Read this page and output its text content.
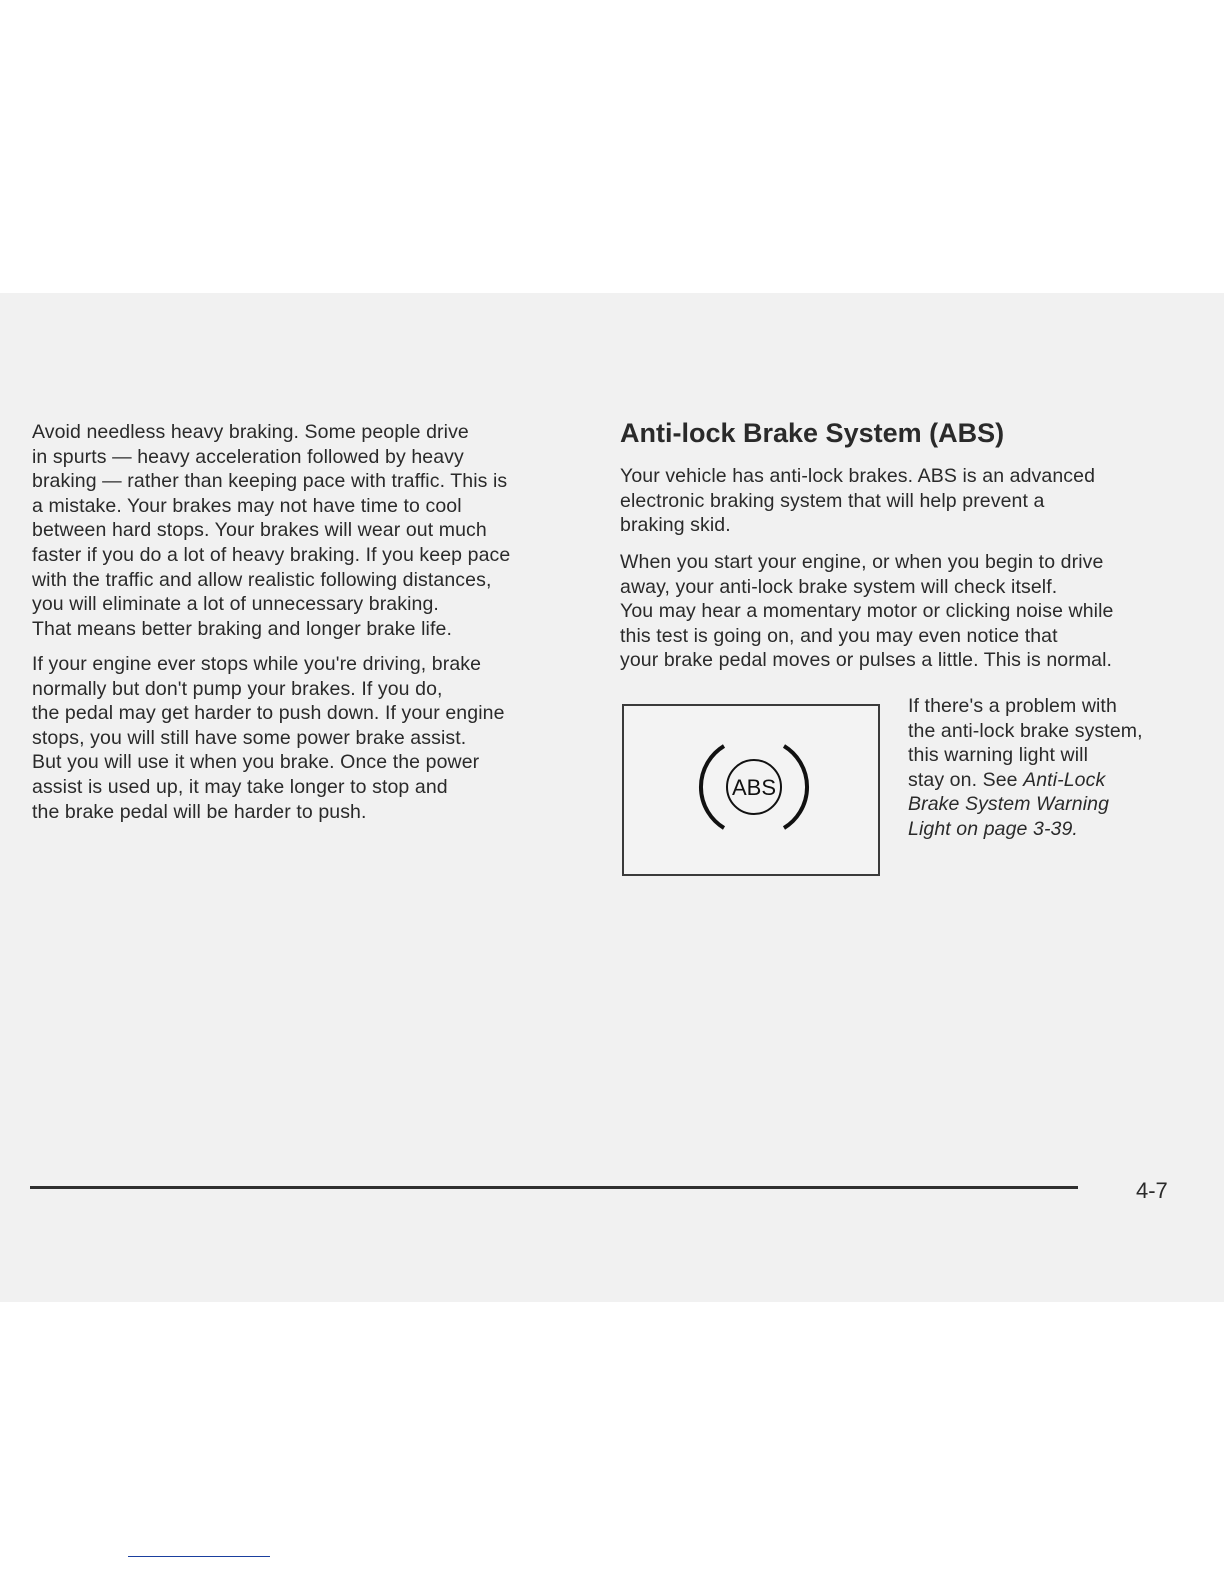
Avoid needless heavy braking. Some people drive
in spurts — heavy acceleration followed by heavy
braking — rather than keeping pace with traffic. This is
a mistake. Your brakes may not have time to cool
between hard stops. Your brakes will wear out much
faster if you do a lot of heavy braking. If you keep pace
with the traffic and allow realistic following distances,
you will eliminate a lot of unnecessary braking.
That means better braking and longer brake life.
If your engine ever stops while you're driving, brake
normally but don't pump your brakes. If you do,
the pedal may get harder to push down. If your engine
stops, you will still have some power brake assist.
But you will use it when you brake. Once the power
assist is used up, it may take longer to stop and
the brake pedal will be harder to push.
Anti-lock Brake System (ABS)
Your vehicle has anti-lock brakes. ABS is an advanced
electronic braking system that will help prevent a
braking skid.
When you start your engine, or when you begin to drive
away, your anti-lock brake system will check itself.
You may hear a momentary motor or clicking noise while
this test is going on, and you may even notice that
your brake pedal moves or pulses a little. This is normal.
ABS
If there's a problem with
the anti-lock brake system,
this warning light will
stay on. See Anti-Lock
Brake System Warning
Light on page 3-39.
4-7
